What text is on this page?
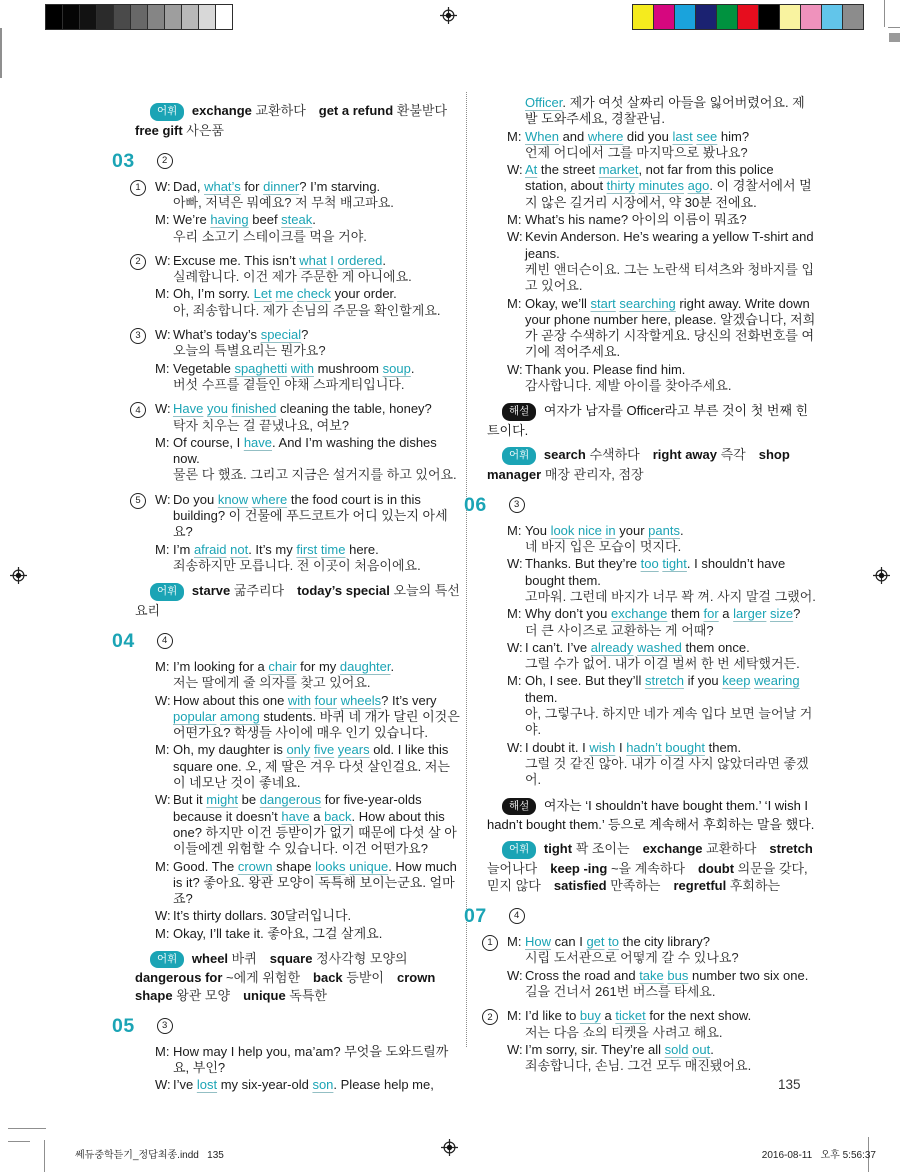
어휘 exchange 교환하다   get a refund 환불받다  free gift 사은품
03	2
1	W: Dad, what’s for dinner? I’m starving.
아빠, 저녁은 뭐예요? 저 무척 배고파요.
M: We’re having beef steak.
우리 소고기 스테이크를 먹을 거야.
2	W: Excuse me. This isn’t what I ordered.
실례합니다. 이건 제가 주문한 게 아니에요.
M: Oh, I’m sorry. Let me check your order.
아, 죄송합니다. 제가 손님의 주문을 확인할게요.
3	W: What’s today’s special?
오늘의 특별요리는 뭔가요?
M: Vegetable spaghetti with mushroom soup.
버섯 수프를 곁들인 야채 스파게티입니다.
4	W: Have you finished cleaning the table, honey?
탁자 치우는 걸 끝냈나요, 여보?
M: Of course, I have. And I’m washing the dishes now.
물론 다 했죠. 그리고 지금은 설거지를 하고 있어요.
5	W: Do you know where the food court is in this building? 이 건물에 푸드코트가 어디 있는지 아세요?
M: I’m afraid not. It’s my first time here.
죄송하지만 모릅니다. 전 이곳이 처음이에요.
어휘 starve 굶주리다   today’s special 오늘의 특선 요리
04	4
M: I’m looking for a chair for my daughter.
저는 딸에게 줄 의자를 찾고 있어요.
W: How about this one with four wheels? It’s very popular among students. 바퀴 네 개가 달린 이것은 어떤가요? 학생들 사이에 매우 인기 있습니다.
M: Oh, my daughter is only five years old. I like this square one. 오, 제 딸은 겨우 다섯 살인걸요. 저는 이 네모난 것이 좋네요.
W: But it might be dangerous for five-year-olds because it doesn’t have a back. How about this one? 하지만 이건 등받이가 없기 때문에 다섯 살 아이들에겐 위험할 수 있습니다. 이건 어떤가요?
M: Good. The crown shape looks unique. How much is it? 좋아요. 왕관 모양이 독특해 보이는군요. 얼마죠?
W: It’s thirty dollars. 30달러입니다.
M: Okay, I’ll take it. 좋아요, 그걸 살게요.
어휘 wheel 바퀴   square 정사각형 모양의  dangerous for ~에게 위험한   back 등받이   crown shape 왕관 모양   unique 독특한
05	3
M: How may I help you, ma’am? 무엇을 도와드릴까요, 부인?
W: I’ve lost my six-year-old son. Please help me,
Officer. 제가 여섯 살짜리 아들을 잃어버렸어요. 제발 도와주세요, 경찰관님.
M: When and where did you last see him?
언제 어디에서 그를 마지막으로 봤나요?
W: At the street market, not far from this police station, about thirty minutes ago. 이 경찰서에서 멀지 않은 길거리 시장에서, 약 30분 전에요.
M: What’s his name? 아이의 이름이 뭐죠?
W: Kevin Anderson. He’s wearing a yellow T-shirt and jeans.
케빈 앤더슨이요. 그는 노란색 티셔츠와 청바지를 입고 있어요.
M: Okay, we’ll start searching right away. Write down your phone number here, please. 알겠습니다, 저희가 곧장 수색하기 시작할게요. 당신의 전화번호를 여기에 적어주세요.
W: Thank you. Please find him.
감사합니다. 제발 아이를 찾아주세요.
해설 여자가 남자를 Officer라고 부른 것이 첫 번째 힌트이다.
어휘 search 수색하다   right away 즉각   shop manager 매장 관리자, 점장
06	3
M: You look nice in your pants.
네 바지 입은 모습이 멋지다.
W: Thanks. But they’re too tight. I shouldn’t have bought them.
고마워. 그런데 바지가 너무 꽉 껴. 사지 말걸 그랬어.
M: Why don’t you exchange them for a larger size?
더 큰 사이즈로 교환하는 게 어때?
W: I can’t. I’ve already washed them once.
그럴 수가 없어. 내가 이걸 벌써 한 번 세탁했거든.
M: Oh, I see. But they’ll stretch if you keep wearing them.
아, 그렇구나. 하지만 네가 계속 입다 보면 늘어날 거야.
W: I doubt it. I wish I hadn’t bought them.
그럴 것 같진 않아. 내가 이걸 사지 않았더라면 좋겠어.
해설 여자는 ‘I shouldn’t have bought them.’ ‘I wish I hadn’t bought them.’ 등으로 계속해서 후회하는 말을 했다.
어휘 tight 꽉 조이는   exchange 교환하다   stretch 늘어나다   keep -ing ~을 계속하다   doubt 의문을 갖다, 믿지 않다   satisfied 만족하는   regretful 후회하는
07	4
1	M: How can I get to the city library?
시립 도서관으로 어떻게 갈 수 있나요?
W: Cross the road and take bus number two six one.
길을 건너서 261번 버스를 타세요.
2	M: I’d like to buy a ticket for the next show.
저는 다음 쇼의 티켓을 사려고 해요.
W: I’m sorry, sir. They’re all sold out.
죄송합니다, 손님. 그건 모두 매진됐어요.
135
쎄듀중학듣기_정답최종.indd   135	2016-08-11   오후 5:56:37
